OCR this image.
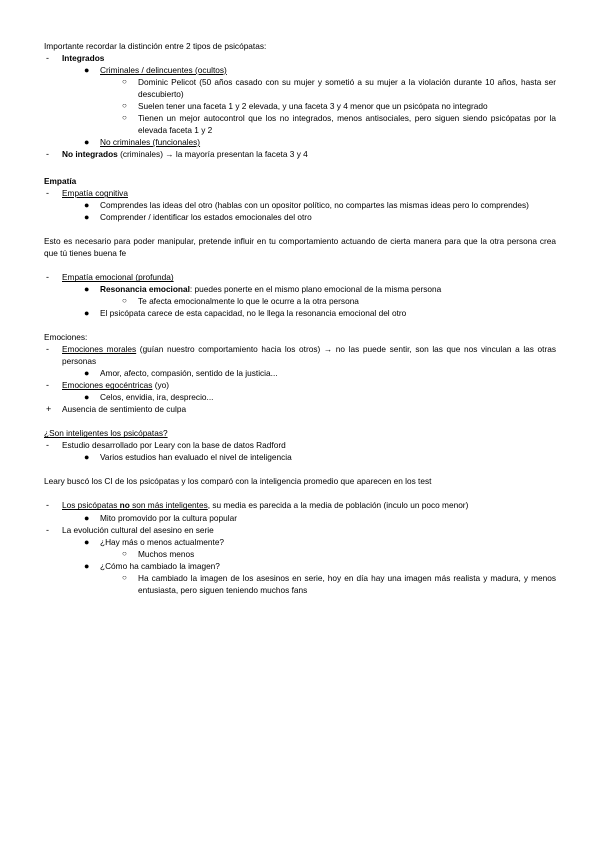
Importante recordar la distinción entre 2 tipos de psicópatas:

- Integrados
● Criminales / delincuentes (ocultos)
○ Dominic Pelicot (50 años casado con su mujer y sometió a su mujer a la violación durante 10 años, hasta ser descubierto)
○ Suelen tener una faceta 1 y 2 elevada, y una faceta 3 y 4 menor que un psicópata no integrado
○ Tienen un mejor autocontrol que los no integrados, menos antisociales, pero siguen siendo psicópatas por la elevada faceta 1 y 2
● No criminales (funcionales)
- No integrados (criminales) → la mayoría presentan la faceta 3 y 4

Empatía

- Empatía cognitiva
● Comprendes las ideas del otro (hablas con un opositor político, no compartes las mismas ideas pero lo comprendes)
● Comprender / identificar los estados emocionales del otro

Esto es necesario para poder manipular, pretende influir en tu comportamiento actuando de cierta manera para que la otra persona crea que tú tienes buena fe

- Empatía emocional (profunda)
● Resonancia emocional: puedes ponerte en el mismo plano emocional de la misma persona
○ Te afecta emocionalmente lo que le ocurre a la otra persona
● El psicópata carece de esta capacidad, no le llega la resonancia emocional del otro

Emociones:

- Emociones morales (guían nuestro comportamiento hacia los otros) → no las puede sentir, son las que nos vinculan a las otras personas
● Amor, afecto, compasión, sentido de la justicia...
- Emociones egocéntricas (yo)
● Celos, envidia, ira, desprecio...
+ Ausencia de sentimiento de culpa

¿Son inteligentes los psicópatas?

- Estudio desarrollado por Leary con la base de datos Radford
● Varios estudios han evaluado el nivel de inteligencia

Leary buscó los CI de los psicópatas y los comparó con la inteligencia promedio que aparecen en los test

- Los psicópatas no son más inteligentes, su media es parecida a la media de población (inculo un poco menor)
● Mito promovido por la cultura popular
- La evolución cultural del asesino en serie
● ¿Hay más o menos actualmente?
○ Muchos menos
● ¿Cómo ha cambiado la imagen?
○ Ha cambiado la imagen de los asesinos en serie, hoy en día hay una imagen más realista y madura, y menos entusiasta, pero siguen teniendo muchos fans
